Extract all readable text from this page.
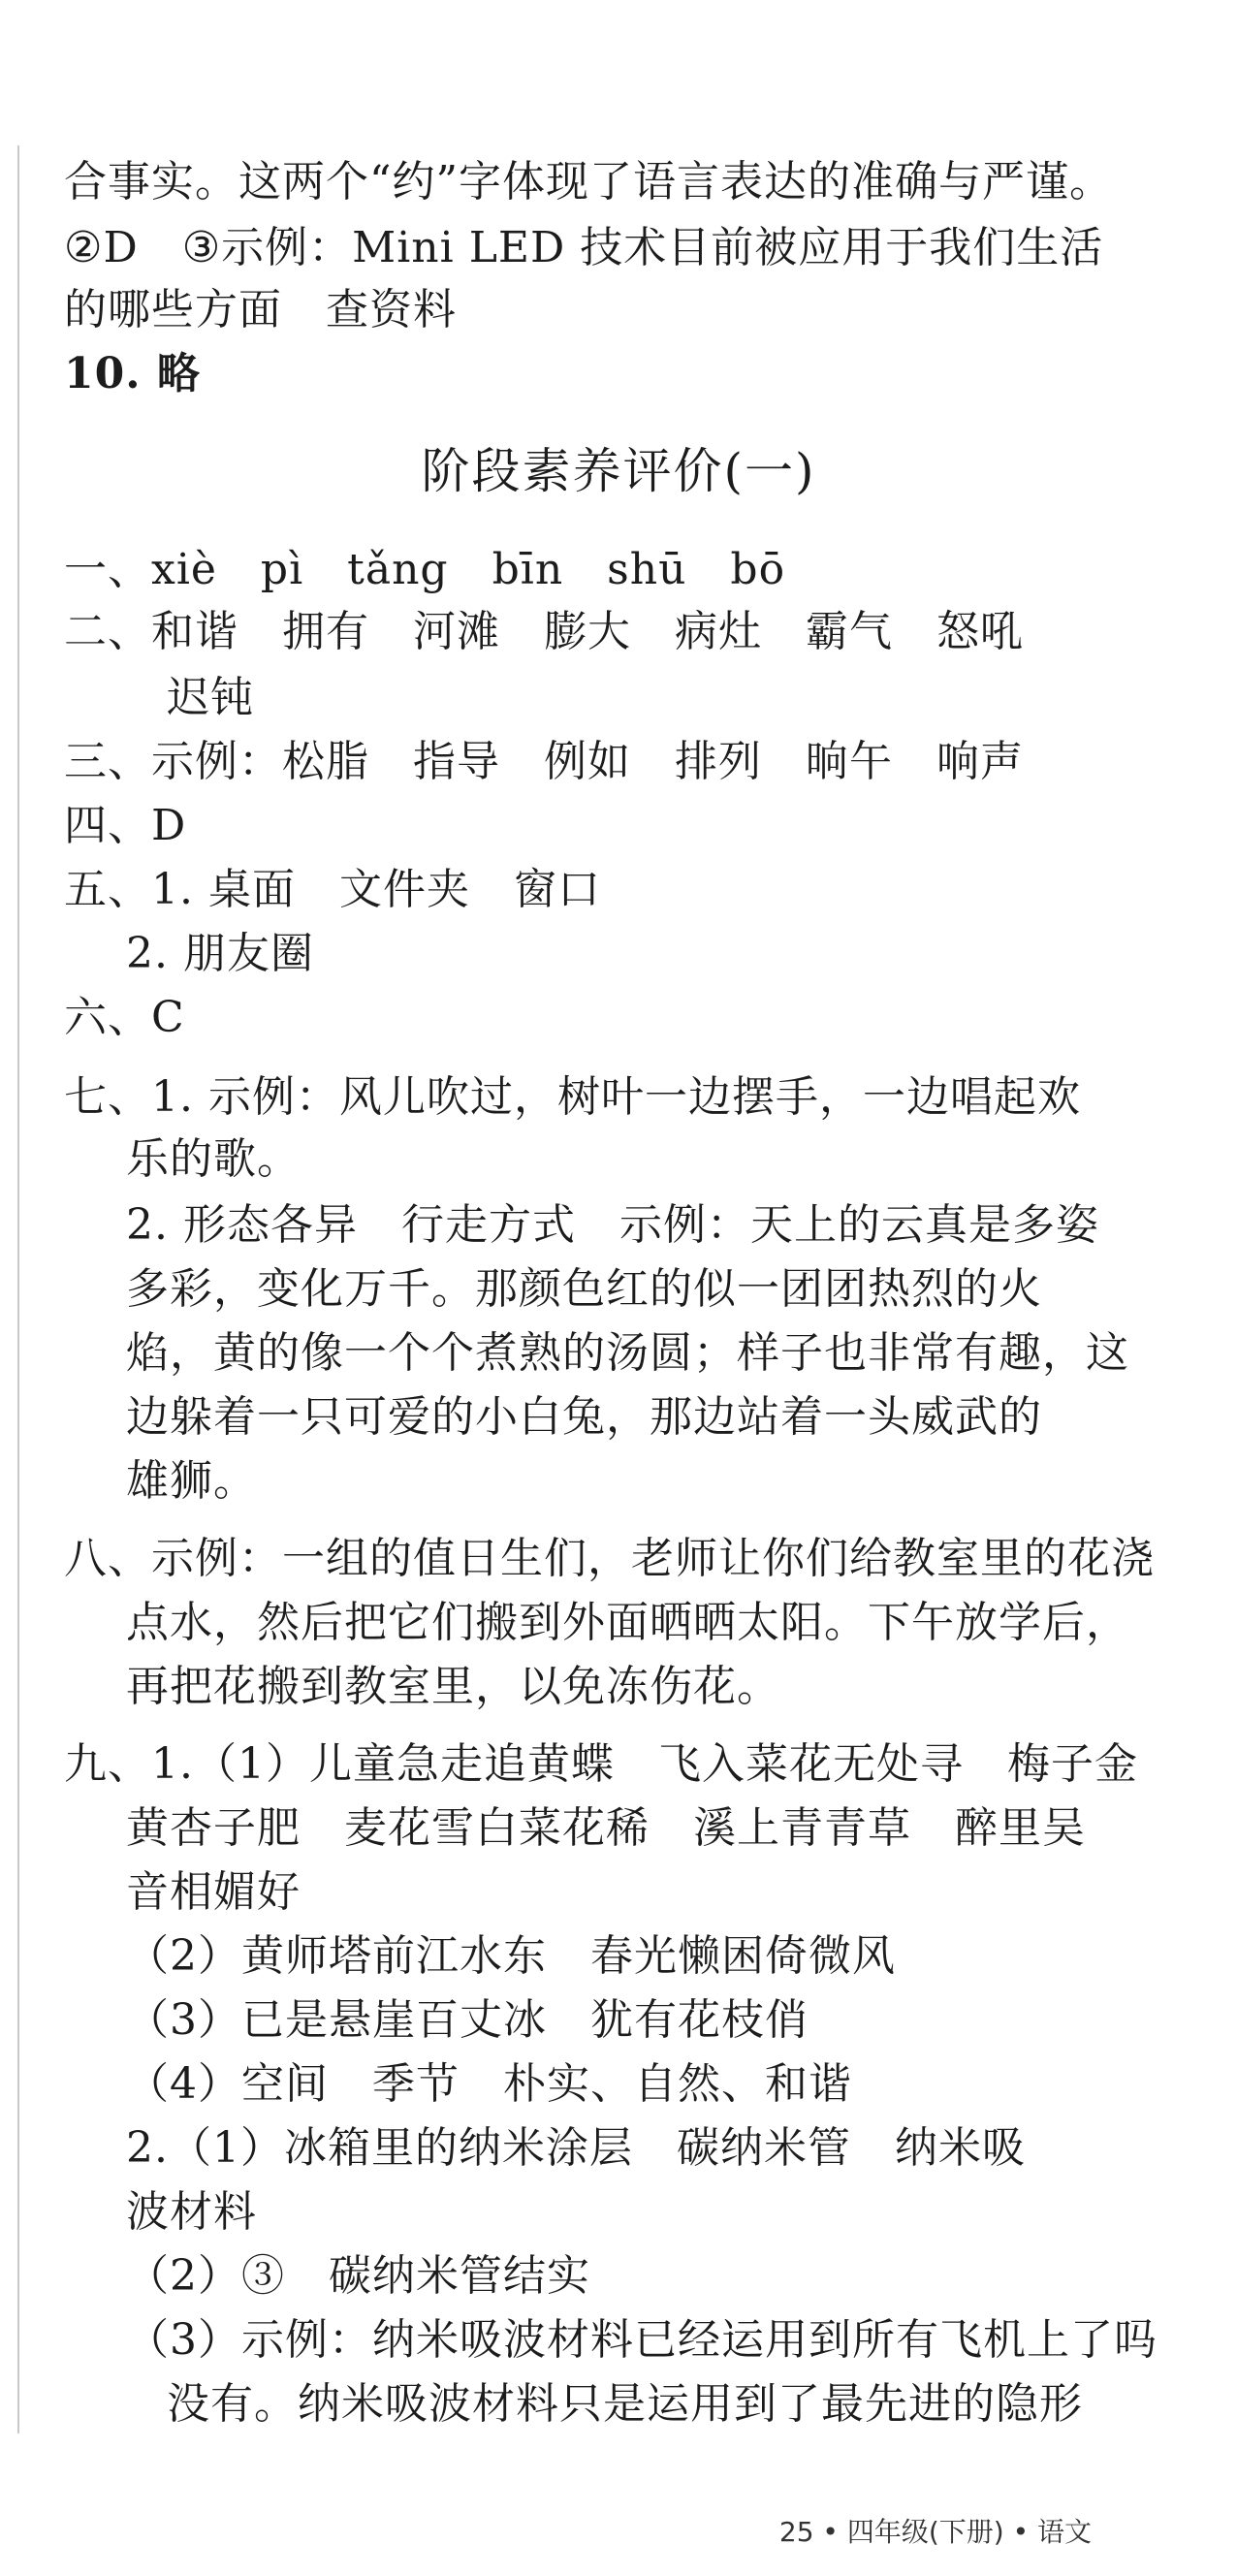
合事实。这两个“约”字体现了语言表达的准确与严谨。
②D　③示例：Mini LED 技术目前被应用于我们生活
的哪些方面　查资料
10. 略
阶段素养评价(一)
一、xiè　pì　tǎng　bīn　shū　bō
二、和谐　拥有　河滩　膨大　病灶　霸气　怒吼
迟钝
三、示例：松脂　指导　例如　排列　晌午　响声
四、D
五、1. 桌面　文件夹　窗口
2. 朋友圈
六、C
七、1. 示例：风儿吹过，树叶一边摆手，一边唱起欢
乐的歌。
2. 形态各异　行走方式　示例：天上的云真是多姿
多彩，变化万千。那颜色红的似一团团热烈的火
焰，黄的像一个个煮熟的汤圆；样子也非常有趣，这
边躲着一只可爱的小白兔，那边站着一头威武的
雄狮。
八、示例：一组的值日生们，老师让你们给教室里的花浇
点水，然后把它们搬到外面晒晒太阳。下午放学后，
再把花搬到教室里，以免冻伤花。
九、1.（1）儿童急走追黄蝶　飞入菜花无处寻　梅子金
黄杏子肥　麦花雪白菜花稀　溪上青青草　醉里吴
音相媚好
（2）黄师塔前江水东　春光懒困倚微风
（3）已是悬崖百丈冰　犹有花枝俏
（4）空间　季节　朴实、自然、和谐
2.（1）冰箱里的纳米涂层　碳纳米管　纳米吸
波材料
（2）③　碳纳米管结实
（3）示例：纳米吸波材料已经运用到所有飞机上了吗
没有。纳米吸波材料只是运用到了最先进的隐形
25 • 四年级(下册) • 语文
